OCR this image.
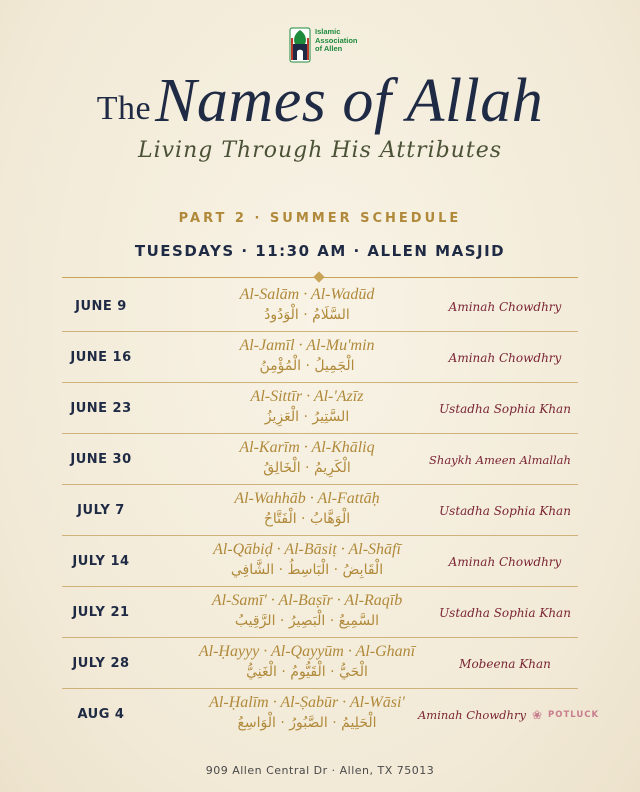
Islamic
Association
of Allen
The Names of Allah
Living Through His Attributes
PART 2 · SUMMER SCHEDULE
TUESDAYS · 11:30 AM · ALLEN MASJID
JUNE 9
Al-Salām · Al-Wadūd
السَّلَامُ · الْوَدُودُ
Aminah Chowdhry
JUNE 16
Al-Jamīl · Al-Mu'min
الْجَمِيلُ · الْمُؤْمِنُ
Aminah Chowdhry
JUNE 23
Al-Sittīr · Al-'Azīz
السَّتِيرُ · الْعَزِيزُ
Ustadha Sophia Khan
JUNE 30
Al-Karīm · Al-Khāliq
الْكَرِيمُ · الْخَالِقُ
Shaykh Ameen Almallah
JULY 7
Al-Wahhāb · Al-Fattāḥ
الْوَهَّابُ · الْفَتَّاحُ
Ustadha Sophia Khan
JULY 14
Al-Qābiḍ · Al-Bāsiṭ · Al-Shāfī
الْقَابِضُ · الْبَاسِطُ · الشَّافِي
Aminah Chowdhry
JULY 21
Al-Samī' · Al-Baṣīr · Al-Raqīb
السَّمِيعُ · الْبَصِيرُ · الرَّقِيبُ
Ustadha Sophia Khan
JULY 28
Al-Ḥayyy · Al-Qayyūm · Al-Ghanī
الْحَيُّ · الْقَيُّومُ · الْغَنِيُّ
Mobeena Khan
AUG 4
Al-Ḥalīm · Al-Ṣabūr · Al-Wāsi'
الْحَلِيمُ · الصَّبُورُ · الْوَاسِعُ
Aminah Chowdhry ❀ POTLUCK
909 Allen Central Dr · Allen, TX 75013
